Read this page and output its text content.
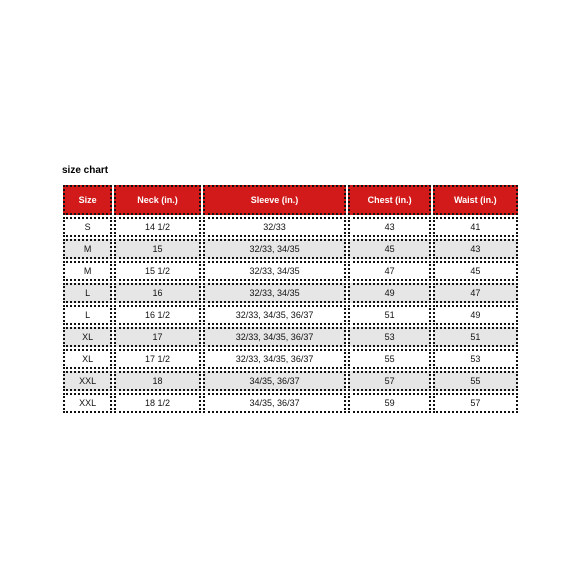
size chart
Size	Neck (in.)	Sleeve (in.)	Chest (in.)	Waist (in.)
S	14 1/2	32/33	43	41
M	15	32/33, 34/35	45	43
M	15 1/2	32/33, 34/35	47	45
L	16	32/33, 34/35	49	47
L	16 1/2	32/33, 34/35, 36/37	51	49
XL	17	32/33, 34/35, 36/37	53	51
XL	17 1/2	32/33, 34/35, 36/37	55	53
XXL	18	34/35, 36/37	57	55
XXL	18 1/2	34/35, 36/37	59	57
